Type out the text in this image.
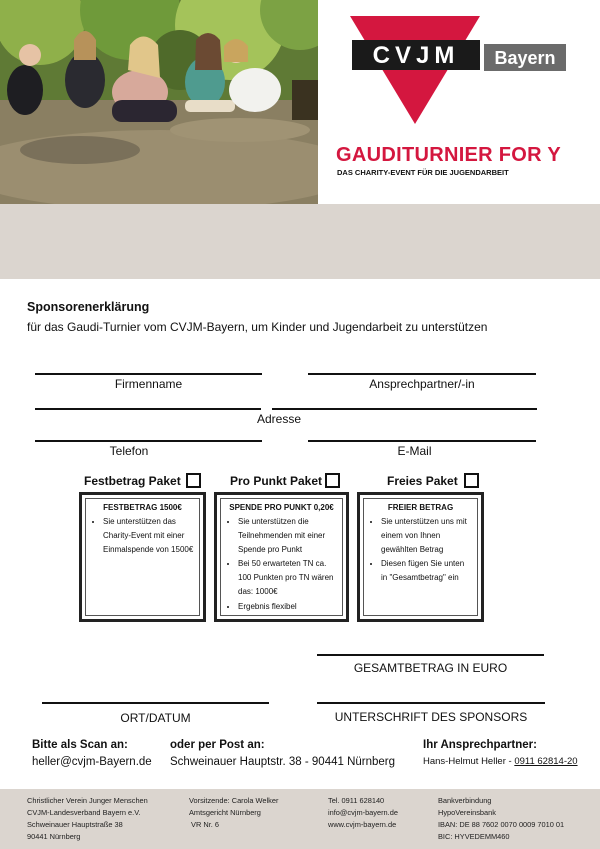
CVJM Bayern
GAUDITURNIER FOR Y
DAS CHARITY-EVENT FÜR DIE JUGENDARBEIT
Sponsorenerklärung
für das Gaudi-Turnier vom CVJM-Bayern, um Kinder und Jugendarbeit zu unterstützen
Firmenname	Ansprechpartner/-in
Adresse
Telefon	E-Mail
Festbetrag Paket	Pro Punkt Paket	Freies Paket
FESTBETRAG 1500€
• Sie unterstützen das Charity-Event mit einer Einmalspende von 1500€
SPENDE PRO PUNKT 0,20€
• Sie unterstützen die Teilnehmenden mit einer Spende pro Punkt
• Bei 50 erwarteten TN ca. 100 Punkten pro TN wären das: 1000€
• Ergebnis flexibel
FREIER BETRAG
• Sie unterstützen uns mit einem von Ihnen gewählten Betrag
• Diesen fügen Sie unten in "Gesamtbetrag" ein
GESAMTBETRAG IN EURO
ORT/DATUM	UNTERSCHRIFT DES SPONSORS
Bitte als Scan an:
heller@cvjm-Bayern.de
oder per Post an:
Schweinauer Hauptstr. 38 - 90441 Nürnberg
Ihr Ansprechpartner:
Hans-Helmut Heller - 0911 62814-20
Christlicher Verein Junger Menschen
CVJM-Landesverband Bayern e.V.
Schweinauer Hauptstraße 38
90441 Nürnberg
Vorsitzende: Carola Welker
Amtsgericht Nürnberg
VR Nr. 6
Tel. 0911 628140
info@cvjm-bayern.de
www.cvjm-bayern.de
Bankverbindung
HypoVereinsbank
IBAN: DE 88 7602 0070 0009 7010 01
BIC: HYVEDEMM460
